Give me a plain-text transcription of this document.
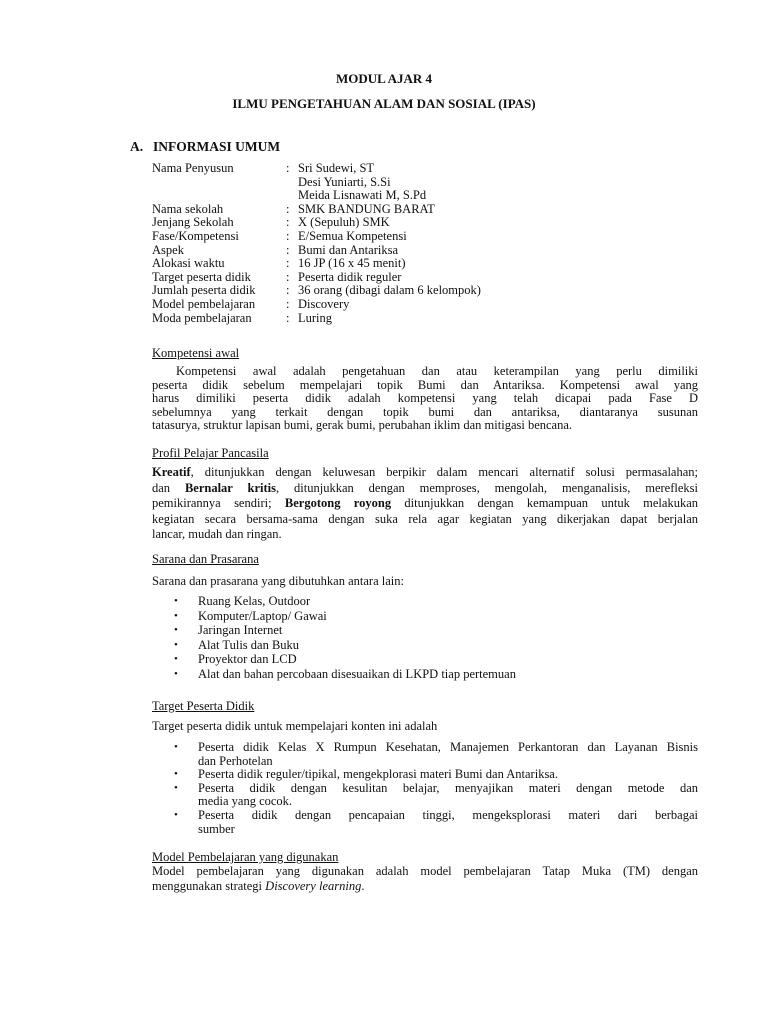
MODUL AJAR 4
ILMU PENGETAHUAN ALAM DAN SOSIAL (IPAS)
A. INFORMASI UMUM
Nama Penyusun	: Sri Sudewi, ST
Desi Yuniarti, S.Si
Meida Lisnawati M, S.Pd
Nama sekolah	: SMK BANDUNG BARAT
Jenjang Sekolah	: X (Sepuluh) SMK
Fase/Kompetensi	: E/Semua Kompetensi
Aspek	: Bumi dan Antariksa
Alokasi waktu	: 16 JP (16 x 45 menit)
Target peserta didik	: Peserta didik reguler
Jumlah peserta didik	: 36 orang (dibagi dalam 6 kelompok)
Model pembelajaran	: Discovery
Moda pembelajaran	: Luring
Kompetensi awal
Kompetensi awal adalah pengetahuan dan atau keterampilan yang perlu dimiliki
peserta didik sebelum mempelajari topik Bumi dan Antariksa. Kompetensi awal yang
harus dimiliki peserta didik adalah kompetensi yang telah dicapai pada Fase D
sebelumnya yang terkait dengan topik bumi dan antariksa, diantaranya susunan
tatasurya, struktur lapisan bumi, gerak bumi, perubahan iklim dan mitigasi bencana.
Profil Pelajar Pancasila
Kreatif, ditunjukkan dengan keluwesan berpikir dalam mencari alternatif solusi permasalahan;
dan Bernalar kritis, ditunjukkan dengan memproses, mengolah, menganalisis, merefleksi
pemikirannya sendiri; Bergotong royong ditunjukkan dengan kemampuan untuk melakukan
kegiatan secara bersama-sama dengan suka rela agar kegiatan yang dikerjakan dapat berjalan
lancar, mudah dan ringan.
Sarana dan Prasarana
Sarana dan prasarana yang dibutuhkan antara lain:
• Ruang Kelas, Outdoor
• Komputer/Laptop/ Gawai
• Jaringan Internet
• Alat Tulis dan Buku
• Proyektor dan LCD
• Alat dan bahan percobaan disesuaikan di LKPD tiap pertemuan
Target Peserta Didik
Target peserta didik untuk mempelajari konten ini adalah
• Peserta didik Kelas X Rumpun Kesehatan, Manajemen Perkantoran dan Layanan Bisnis
dan Perhotelan
• Peserta didik reguler/tipikal, mengekplorasi materi Bumi dan Antariksa.
• Peserta didik dengan kesulitan belajar, menyajikan materi dengan metode dan
media yang cocok.
• Peserta didik dengan pencapaian tinggi, mengeksplorasi materi dari berbagai
sumber
Model Pembelajaran yang digunakan
Model pembelajaran yang digunakan adalah model pembelajaran Tatap Muka (TM) dengan
menggunakan strategi Discovery learning.
